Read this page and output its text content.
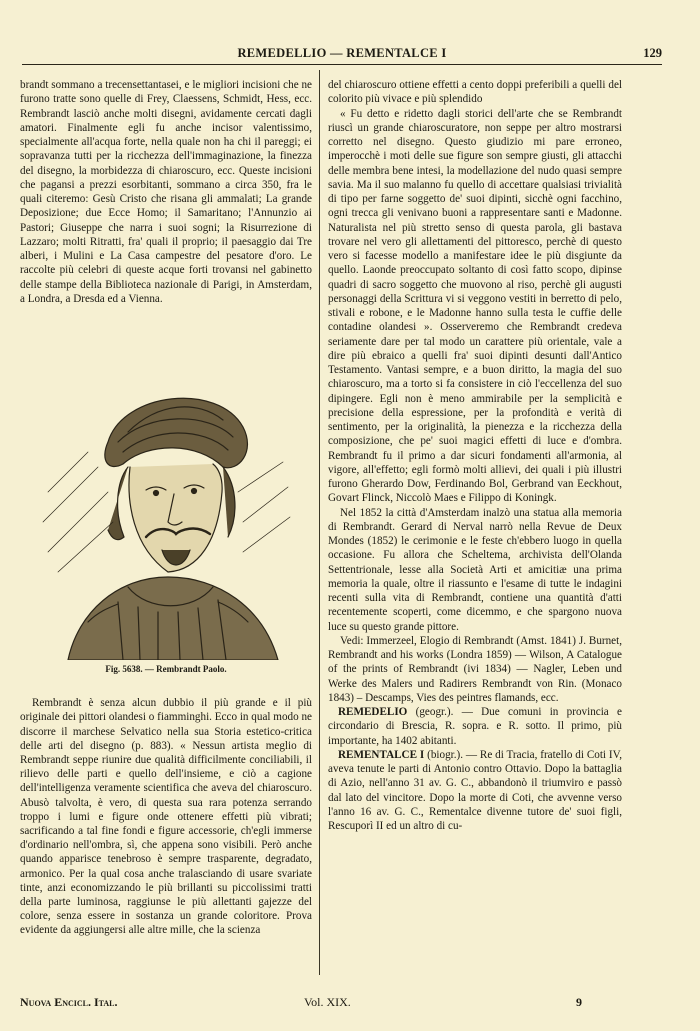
REMEDELLIO — REMENTALCE I	129

brandt sommano a trecensettantasei, e le migliori incisioni che ne furono tratte sono quelle di Frey, Claessens, Schmidt, Hess, ecc. Rembrandt lasciò anche molti disegni, avidamente cercati dagli amatori. Finalmente egli fu anche incisor valentissimo, specialmente all'acqua forte, nella quale non ha chi il pareggi; ei sopravanza tutti per la ricchezza dell'immaginazione, la finezza del disegno, la morbidezza di chiaroscuro, ecc. Queste incisioni che pagansi a prezzi esorbitanti, sommano a circa 350, fra le quali citeremo: Gesù Cristo che risana gli ammalati; La grande Deposizione; due Ecce Homo; il Samaritano; l'Annunzio ai Pastori; Giuseppe che narra i suoi sogni; la Risurrezione di Lazzaro; molti Ritratti, fra' quali il proprio; il paesaggio dai Tre alberi, i Mulini e La Casa campestre del pesatore d'oro. Le raccolte più celebri di queste acque forti trovansi nel gabinetto delle stampe della Biblioteca nazionale di Parigi, in Amsterdam, a Londra, a Dresda ed a Vienna.

Fig. 5638. — Rembrandt Paolo.

Rembrandt è senza alcun dubbio il più grande e il più originale dei pittori olandesi o fiamminghi. Ecco in qual modo ne discorre il marchese Selvatico nella sua Storia estetico-critica delle arti del disegno (p. 883). « Nessun artista meglio di Rembrandt seppe riunire due qualità difficilmente conciliabili, il rilievo delle parti e quello dell'insieme, e ciò a cagione dell'intelligenza veramente scientifica che aveva del chiaroscuro. Abusò talvolta, è vero, di questa sua rara potenza serrando troppo i lumi e figure onde ottenere effetti più vibrati; sacrificando a tal fine fondi e figure accessorie, ch'egli immerse d'ordinario nell'ombra, sì, che appena sono visibili. Però anche quando apparisce tenebroso è sempre trasparente, degradato, armonico. Per la qual cosa anche tralasciando di usare svariate tinte, anzi economizzando le più brillanti su piccolissimi tratti della parte luminosa, raggiunse le più allettanti gajezze del colore, senza essere in sostanza un grande coloritore. Prova evidente da aggiungersi alle altre mille, che la scienza

del chiaroscuro ottiene effetti a cento doppi preferibili a quelli del colorito più vivace e più splendido

« Fu detto e ridetto dagli storici dell'arte che se Rembrandt riuscì un grande chiaroscuratore, non seppe per altro mostrarsi corretto nel disegno. Questo giudizio mi pare erroneo, imperocchè i moti delle sue figure son sempre giusti, gli attacchi delle membra bene intesi, la modellazione del nudo quasi sempre savia. Ma il suo malanno fu quello di accettare qualsiasi trivialità di tipo per farne soggetto de' suoi dipinti, sicchè ogni facchino, ogni trecca gli venivano buoni a rappresentare santi e Madonne. Naturalista nel più stretto senso di questa parola, gli bastava trovare nel vero gli allettamenti del pittoresco, perchè di questo vero si facesse modello a manifestare idee le più disgiunte da quello. Laonde preoccupato soltanto di così fatto scopo, dipinse quadri di sacro soggetto che muovono al riso, perchè gli augusti personaggi della Scrittura vi si veggono vestiti in berretto di pelo, stivali e robone, e le Madonne hanno sulla testa le cuffie delle contadine olandesi ». Osserveremo che Rembrandt credeva seriamente dare per tal modo un carattere più orientale, vale a dire più ebraico a quelli fra' suoi dipinti desunti dall'Antico Testamento. Vantasi sempre, e a buon diritto, la magia del suo chiaroscuro, ma a torto si fa consistere in ciò l'eccellenza del suo dipingere. Egli non è meno ammirabile per la semplicità e precisione della espressione, per la profondità e verità di sentimento, per la originalità, la pienezza e la ricchezza della composizione, che pe' suoi magici effetti di luce e d'ombra. Rembrandt fu il primo a dar sicuri fondamenti all'armonia, al vigore, all'effetto; egli formò molti allievi, dei quali i più illustri furono Gherardo Dow, Ferdinando Bol, Gerbrand van Eeckhout, Govart Flinck, Niccolò Maes e Filippo di Koningk.

Nel 1852 la città d'Amsterdam inalzò una statua alla memoria di Rembrandt. Gerard di Nerval narrò nella Revue de Deux Mondes (1852) le cerimonie e le feste ch'ebbero luogo in quella occasione. Fu allora che Scheltema, archivista dell'Olanda Settentrionale, lesse alla Società Arti et amicitiæ una prima memoria la quale, oltre il riassunto e l'esame di tutte le indagini recenti sulla vita di Rembrandt, contiene una quantità d'atti recentemente scoperti, come dicemmo, e che spargono nuova luce su questo grande pittore.

Vedi: Immerzeel, Elogio di Rembrandt (Amst. 1841) J. Burnet, Rembrandt and his works (Londra 1859) — Wilson, A Catalogue of the prints of Rembrandt (ivi 1834) — Nagler, Leben und Werke des Malers und Radirers Rembrandt von Rin. (Monaco 1843) – Descamps, Vies des peintres flamands, ecc.

REMEDELIO (geogr.). — Due comuni in provincia e circondario di Brescia, R. sopra. e R. sotto. Il primo, più importante, ha 1402 abitanti.

REMENTALCE I (biogr.). — Re di Tracia, fratello di Coti IV, aveva tenute le parti di Antonio contro Ottavio. Dopo la battaglia di Azio, nell'anno 31 av. G. C., abbandonò il triumviro e passò dal lato del vincitore. Dopo la morte di Coti, che avvenne verso l'anno 16 av. G. C., Rementalce divenne tutore de' suoi figli, Rescuporì II ed un altro di cu-

Nuova Encicl. Ital.	Vol. XIX.	9
